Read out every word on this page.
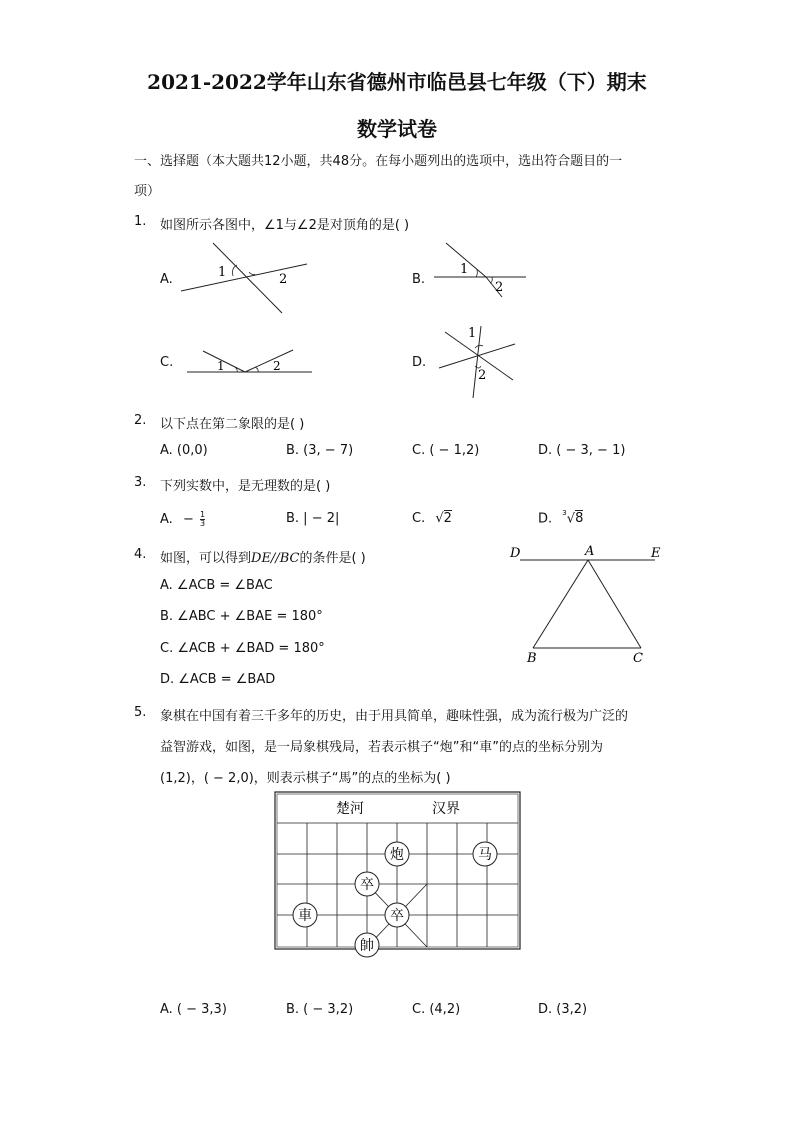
2021-2022学年山东省德州市临邑县七年级（下）期末
数学试卷
一、选择题（本大题共12小题，共48分。在每小题列出的选项中，选出符合题目的一
项）
1. 如图所示各图中，∠1与∠2是对顶角的是( )
A.	B.
C.	D.
1	2
1
2
1	2
1
2
2. 以下点在第二象限的是( )
A. (0,0)	B. (3, − 7)	C. ( − 1,2)	D. ( − 3, − 1)
3. 下列实数中，是无理数的是( )
A. − $\frac{1}{3}$	B. | − 2|	C. √2	D. $^3$√8
4. 如图，可以得到DE//BC的条件是( )
A. ∠ACB = ∠BAC
B. ∠ABC + ∠BAE = 180°
C. ∠ACB + ∠BAD = 180°
D. ∠ACB = ∠BAD
D	A	E
B	C
5. 象棋在中国有着三千多年的历史，由于用具简单，趣味性强，成为流行极为广泛的
益智游戏，如图，是一局象棋残局，若表示棋子“炮”和“車”的点的坐标分别为
(1,2)，( − 2,0)，则表示棋子“馬”的点的坐标为( )
楚河	汉界
炮	马
卒
車	卒
帥
A. ( − 3,3)	B. ( − 3,2)	C. (4,2)	D. (3,2)
